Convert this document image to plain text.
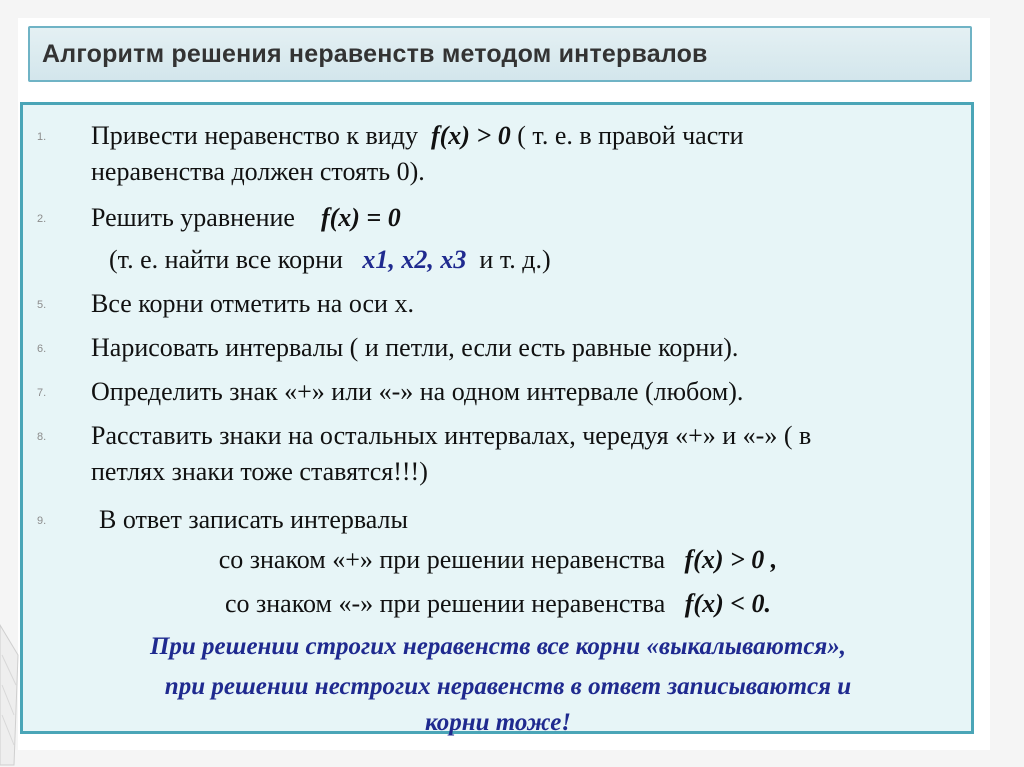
Алгоритм решения неравенств методом интервалов
1. Привести неравенство к виду f(x) > 0 ( т. е. в правой части
неравенства должен стоять 0).
2. Решить уравнение f(x) = 0
(т. е. найти все корни x1, x2, x3 и т. д.)
5. Все корни отметить на оси х.
6. Нарисовать интервалы ( и петли, если есть равные корни).
7. Определить знак «+» или «-» на одном интервале (любом).
8. Расставить знаки на остальных интервалах, чередуя «+» и «-» ( в
петлях знаки тоже ставятся!!!)
9. В ответ записать интервалы
со знаком «+» при решении неравенства f(x) > 0 ,
со знаком «-» при решении неравенства f(x) < 0.
При решении строгих неравенств все корни «выкалываются»,
при решении нестрогих неравенств в ответ записываются и
корни тоже!
